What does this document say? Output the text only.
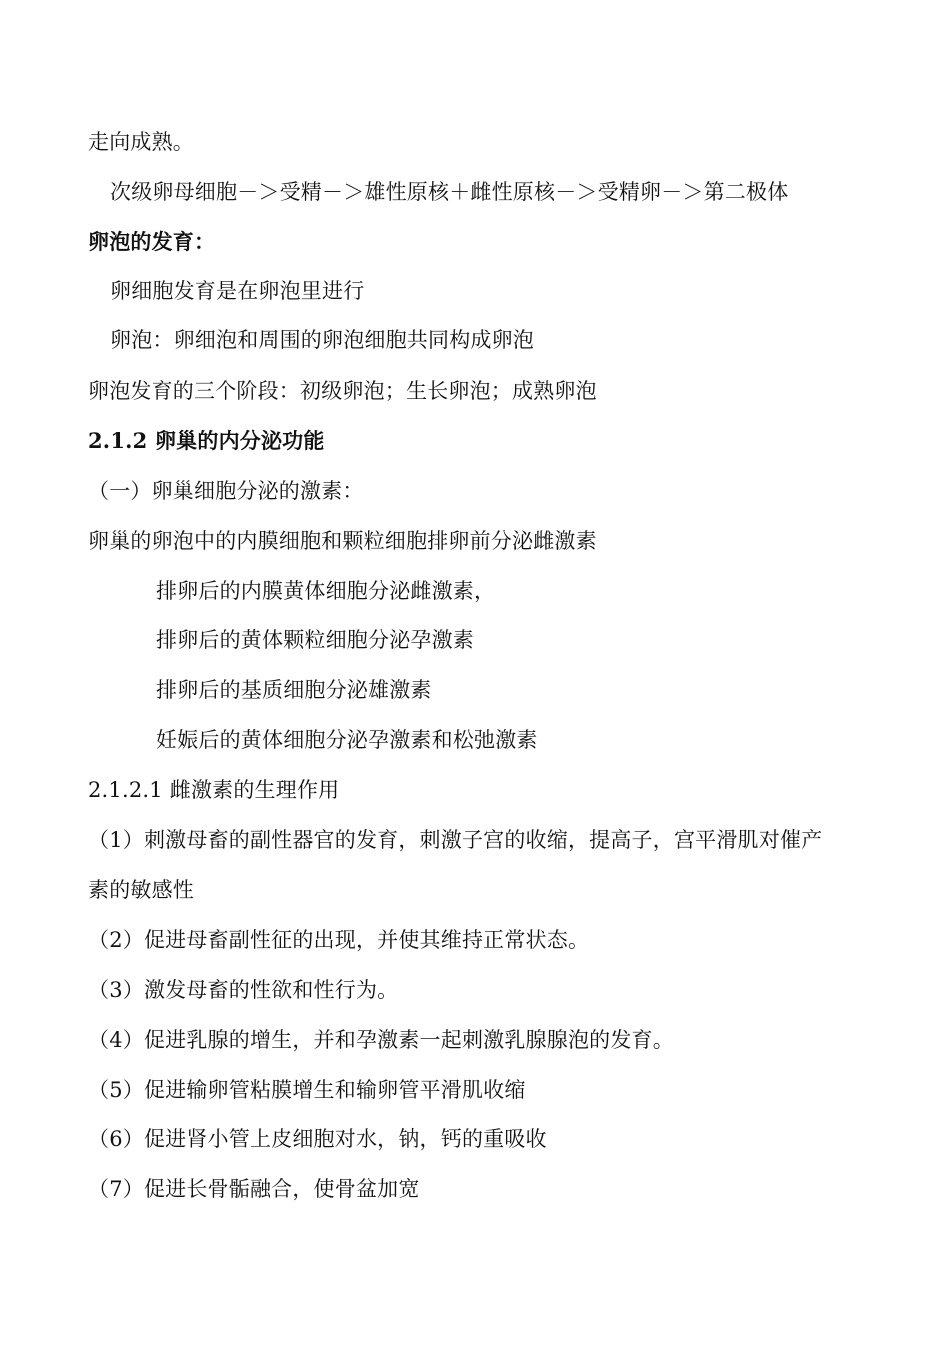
走向成熟。
次级卵母细胞－＞受精－＞雄性原核＋雌性原核－＞受精卵－＞第二极体
卵泡的发育：
卵细胞发育是在卵泡里进行
卵泡：卵细泡和周围的卵泡细胞共同构成卵泡
卵泡发育的三个阶段：初级卵泡；生长卵泡；成熟卵泡
2.1.2 卵巢的内分泌功能
（一）卵巢细胞分泌的激素：
卵巢的卵泡中的内膜细胞和颗粒细胞排卵前分泌雌激素
排卵后的内膜黄体细胞分泌雌激素，
排卵后的黄体颗粒细胞分泌孕激素
排卵后的基质细胞分泌雄激素
妊娠后的黄体细胞分泌孕激素和松弛激素
2.1.2.1 雌激素的生理作用
（1）刺激母畜的副性器官的发育，刺激子宫的收缩，提高子，宫平滑肌对催产
素的敏感性
（2）促进母畜副性征的出现，并使其维持正常状态。
（3）激发母畜的性欲和性行为。
（4）促进乳腺的增生，并和孕激素一起刺激乳腺腺泡的发育。
（5）促进输卵管粘膜增生和输卵管平滑肌收缩
（6）促进肾小管上皮细胞对水，钠，钙的重吸收
（7）促进长骨骺融合，使骨盆加宽
